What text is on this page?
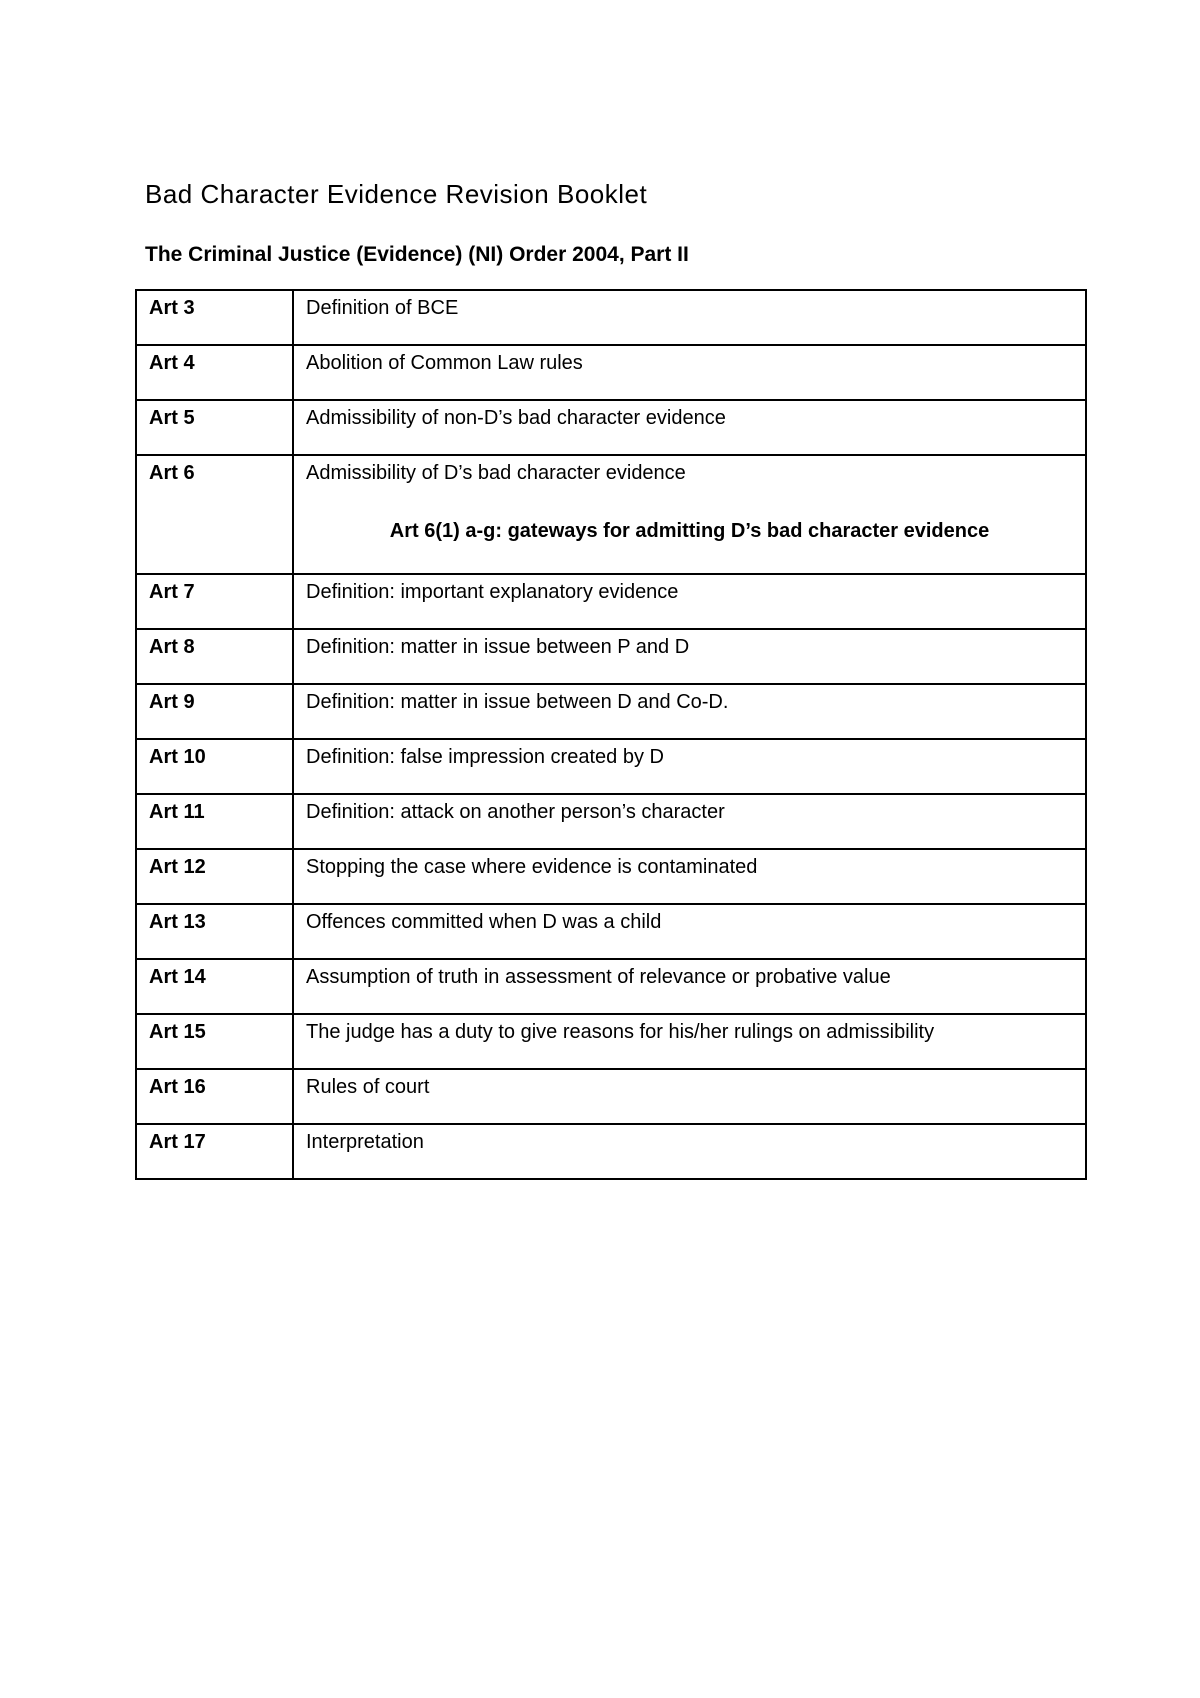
Bad Character Evidence Revision Booklet
The Criminal Justice (Evidence) (NI) Order 2004, Part II
Art 3	Definition of BCE
Art 4	Abolition of Common Law rules
Art 5	Admissibility of non-D’s bad character evidence
Art 6	Admissibility of D’s bad character evidence
Art 6(1) a-g: gateways for admitting D’s bad character evidence

Art 7	Definition: important explanatory evidence
Art 8	Definition: matter in issue between P and D
Art 9	Definition: matter in issue between D and Co-D.
Art 10	Definition: false impression created by D
Art 11	Definition: attack on another person’s character
Art 12	Stopping the case where evidence is contaminated
Art 13	Offences committed when D was a child
Art 14	Assumption of truth in assessment of relevance or probative value
Art 15	The judge has a duty to give reasons for his/her rulings on admissibility
Art 16	Rules of court
Art 17	Interpretation
